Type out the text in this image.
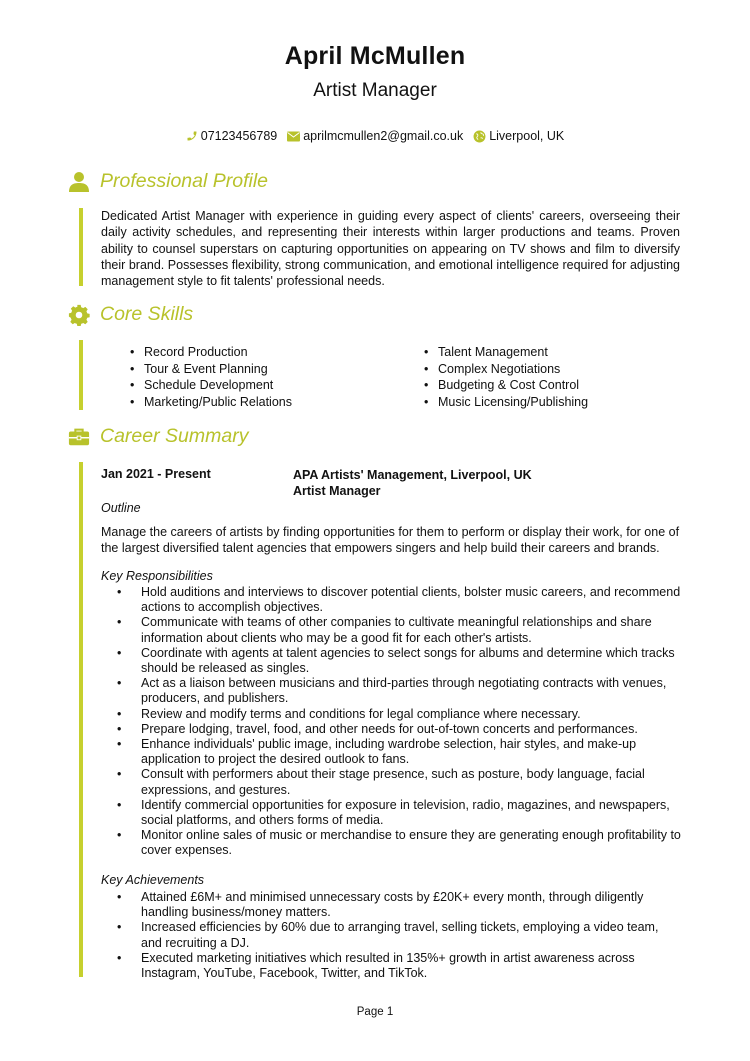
April McMullen
Artist Manager
07123456789 aprilmcmullen2@gmail.co.uk Liverpool, UK
Professional Profile
Dedicated Artist Manager with experience in guiding every aspect of clients' careers, overseeing their daily activity schedules, and representing their interests within larger productions and teams. Proven ability to counsel superstars on capturing opportunities on appearing on TV shows and film to diversify their brand. Possesses flexibility, strong communication, and emotional intelligence required for adjusting management style to fit talents' professional needs.
Core Skills
• Record Production
• Tour & Event Planning
• Schedule Development
• Marketing/Public Relations
• Talent Management
• Complex Negotiations
• Budgeting & Cost Control
• Music Licensing/Publishing
Career Summary
Jan 2021 - Present	APA Artists' Management, Liverpool, UK
Artist Manager
Outline
Manage the careers of artists by finding opportunities for them to perform or display their work, for one of the largest diversified talent agencies that empowers singers and help build their careers and brands.
Key Responsibilities
• Hold auditions and interviews to discover potential clients, bolster music careers, and recommend actions to accomplish objectives.
• Communicate with teams of other companies to cultivate meaningful relationships and share information about clients who may be a good fit for each other's artists.
• Coordinate with agents at talent agencies to select songs for albums and determine which tracks should be released as singles.
• Act as a liaison between musicians and third-parties through negotiating contracts with venues, producers, and publishers.
• Review and modify terms and conditions for legal compliance where necessary.
• Prepare lodging, travel, food, and other needs for out-of-town concerts and performances.
• Enhance individuals' public image, including wardrobe selection, hair styles, and make-up application to project the desired outlook to fans.
• Consult with performers about their stage presence, such as posture, body language, facial expressions, and gestures.
• Identify commercial opportunities for exposure in television, radio, magazines, and newspapers, social platforms, and others forms of media.
• Monitor online sales of music or merchandise to ensure they are generating enough profitability to cover expenses.
Key Achievements
• Attained £6M+ and minimised unnecessary costs by £20K+ every month, through diligently handling business/money matters.
• Increased efficiencies by 60% due to arranging travel, selling tickets, employing a video team, and recruiting a DJ.
• Executed marketing initiatives which resulted in 135%+ growth in artist awareness across Instagram, YouTube, Facebook, Twitter, and TikTok.
Page 1
